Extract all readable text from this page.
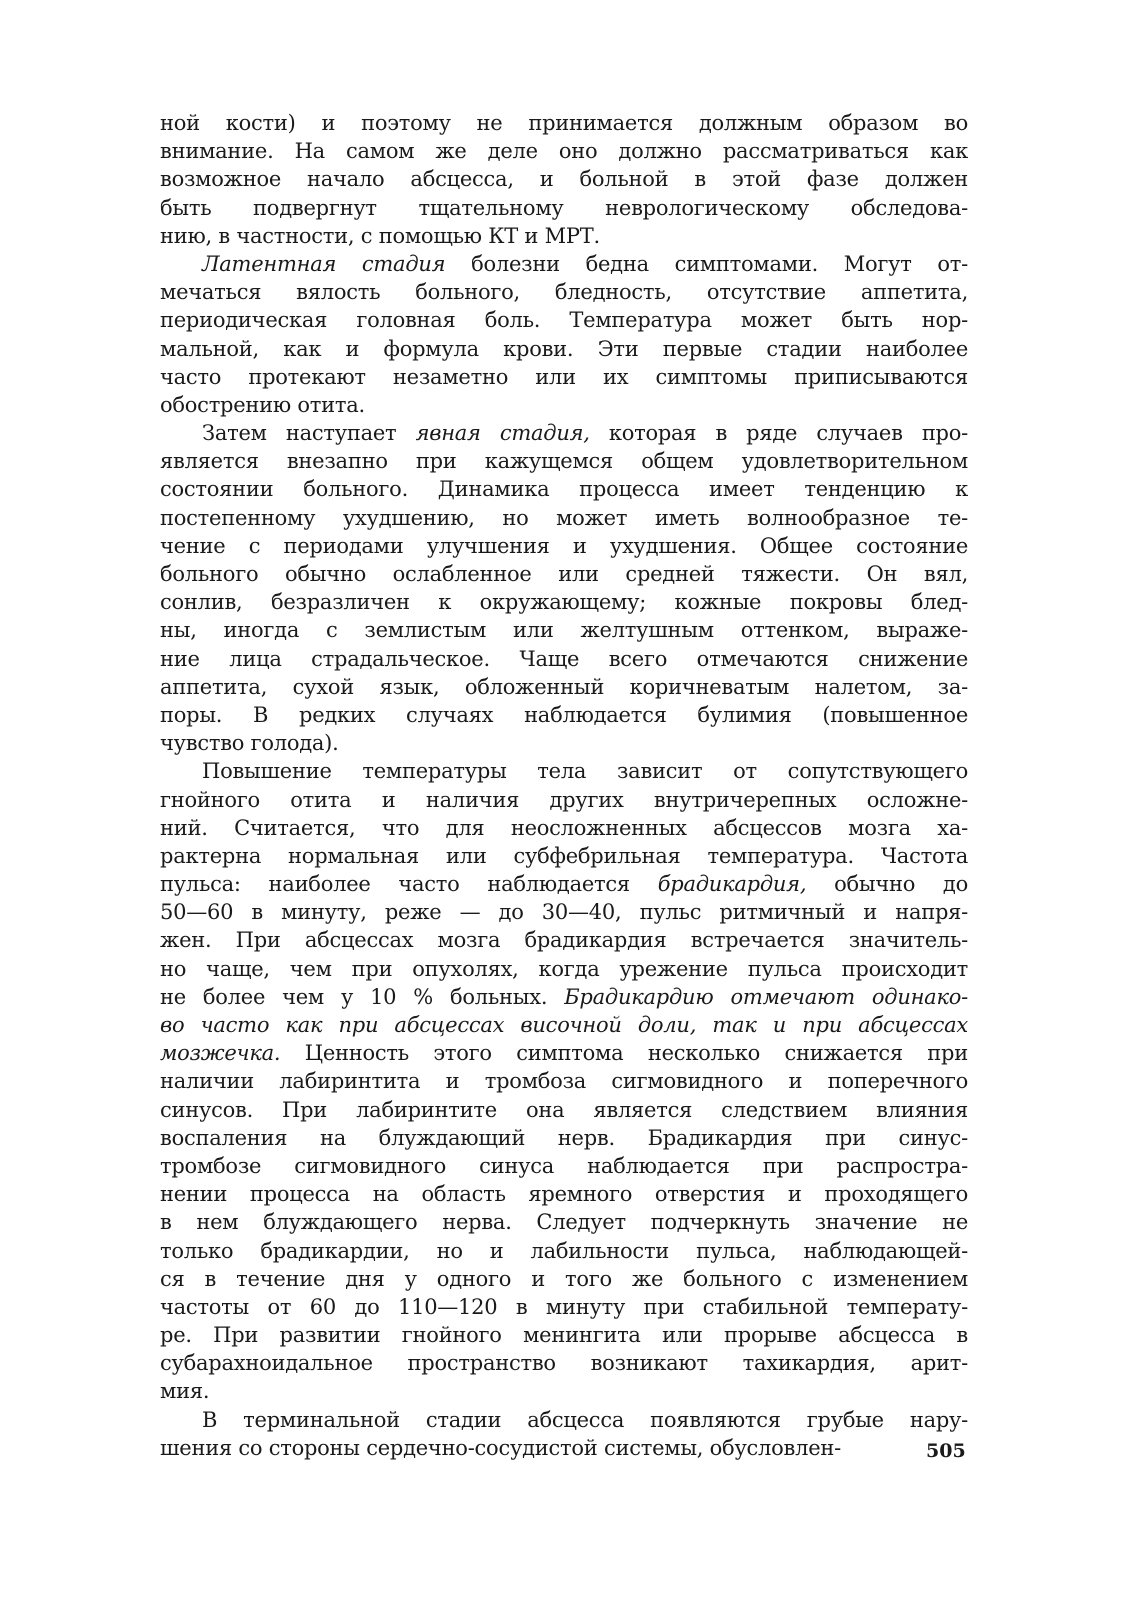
ной кости) и поэтому не принимается должным образом во
внимание. На самом же деле оно должно рассматриваться как
возможное начало абсцесса, и больной в этой фазе должен
быть подвергнут тщательному неврологическому обследова-
нию, в частности, с помощью КТ и МРТ.
Латентная стадия болезни бедна симптомами. Могут от-
мечаться вялость больного, бледность, отсутствие аппетита,
периодическая головная боль. Температура может быть нор-
мальной, как и формула крови. Эти первые стадии наиболее
часто протекают незаметно или их симптомы приписываются
обострению отита.
Затем наступает явная стадия, которая в ряде случаев про-
является внезапно при кажущемся общем удовлетворительном
состоянии больного. Динамика процесса имеет тенденцию к
постепенному ухудшению, но может иметь волнообразное те-
чение с периодами улучшения и ухудшения. Общее состояние
больного обычно ослабленное или средней тяжести. Он вял,
сонлив, безразличен к окружающему; кожные покровы блед-
ны, иногда с землистым или желтушным оттенком, выраже-
ние лица страдальческое. Чаще всего отмечаются снижение
аппетита, сухой язык, обложенный коричневатым налетом, за-
поры. В редких случаях наблюдается булимия (повышенное
чувство голода).
Повышение температуры тела зависит от сопутствующего
гнойного отита и наличия других внутричерепных осложне-
ний. Считается, что для неосложненных абсцессов мозга ха-
рактерна нормальная или субфебрильная температура. Частота
пульса: наиболее часто наблюдается брадикардия, обычно до
50—60 в минуту, реже — до 30—40, пульс ритмичный и напря-
жен. При абсцессах мозга брадикардия встречается значитель-
но чаще, чем при опухолях, когда урежение пульса происходит
не более чем у 10 % больных. Брадикардию отмечают одинако-
во часто как при абсцессах височной доли, так и при абсцессах
мозжечка. Ценность этого симптома несколько снижается при
наличии лабиринтита и тромбоза сигмовидного и поперечного
синусов. При лабиринтите она является следствием влияния
воспаления на блуждающий нерв. Брадикардия при синус-
тромбозе сигмовидного синуса наблюдается при распростра-
нении процесса на область яремного отверстия и проходящего
в нем блуждающего нерва. Следует подчеркнуть значение не
только брадикардии, но и лабильности пульса, наблюдающей-
ся в течение дня у одного и того же больного с изменением
частоты от 60 до 110—120 в минуту при стабильной температу-
ре. При развитии гнойного менингита или прорыве абсцесса в
субарахноидальное пространство возникают тахикардия, арит-
мия.
В терминальной стадии абсцесса появляются грубые нару-
шения со стороны сердечно-сосудистой системы, обусловлен-	505
